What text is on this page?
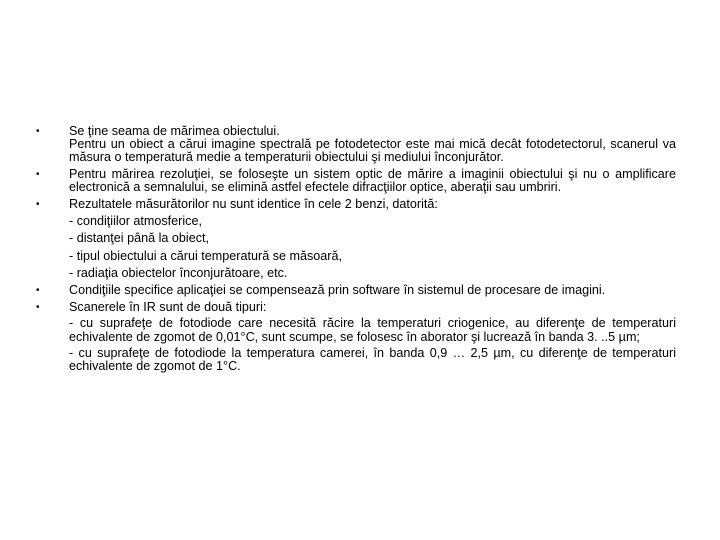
• Se ţine seama de mărimea obiectului.
Pentru un obiect a cărui imagine spectrală pe fotodetector este mai mică decât fotodetectorul, scanerul va măsura o temperatură medie a temperaturii obiectului şi mediului înconjurător.
• Pentru mărirea rezoluţiei, se foloseşte un sistem optic de mărire a imaginii obiectului şi nu o amplificare electronică a semnalului, se elimină astfel efectele difracţiilor optice, aberaţii sau umbriri.
• Rezultatele măsurătorilor nu sunt identice în cele 2 benzi, datorită:
- condiţiilor atmosferice,
- distanţei până la obiect,
- tipul obiectului a cărui temperatură se măsoară,
- radiaţia obiectelor înconjurătoare, etc.
• Condiţiile specifice aplicaţiei se compensează prin software în sistemul de procesare de imagini.
• Scanerele în IR sunt de două tipuri:
- cu suprafeţe de fotodiode care necesită răcire la temperaturi criogenice, au diferenţe de temperaturi echivalente de zgomot de 0,01°C, sunt scumpe, se folosesc în aborator şi lucrează în banda 3. ..5 µm;
- cu suprafeţe de fotodiode la temperatura camerei, în banda 0,9 … 2,5 µm, cu diferenţe de temperaturi echivalente de zgomot de 1°C.
